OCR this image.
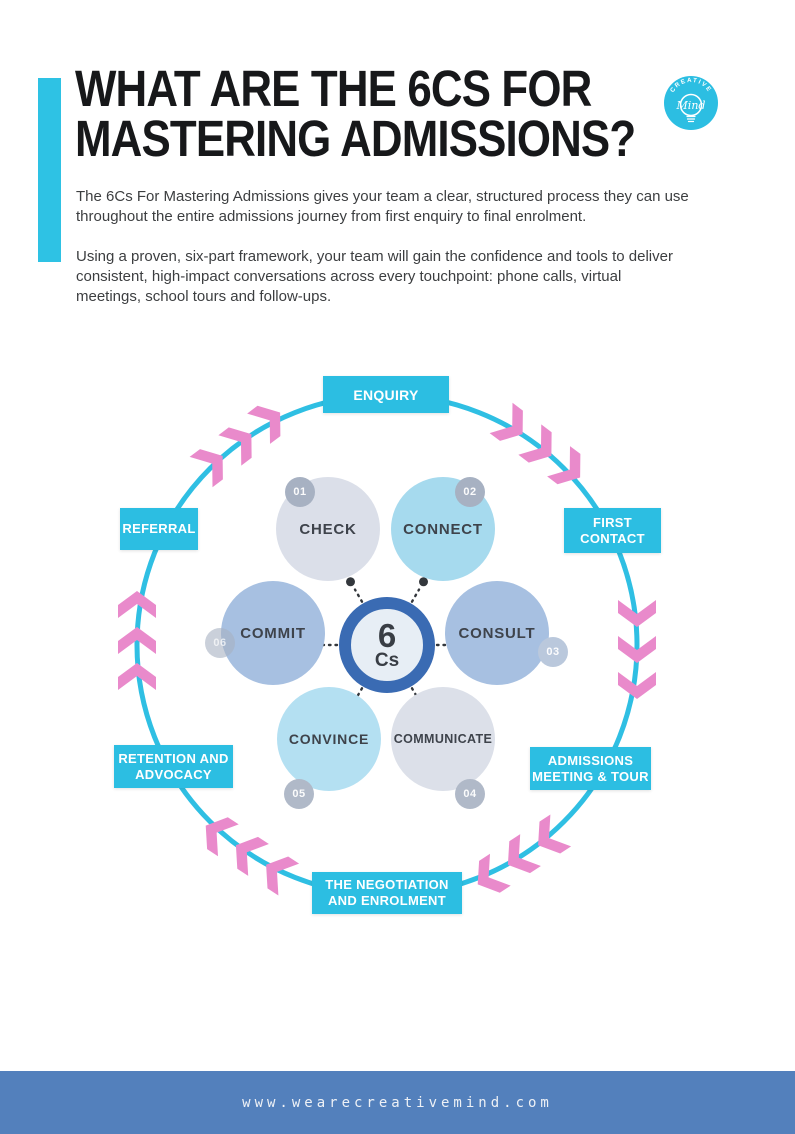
WHAT ARE THE 6CS FOR
MASTERING ADMISSIONS?
CREATIVE
Mind
The 6Cs For Mastering Admissions gives your team a clear, structured process they can use throughout the entire admissions journey from first enquiry to final enrolment.
Using a proven, six-part framework, your team will gain the confidence and tools to deliver consistent, high-impact conversations across every touchpoint: phone calls, virtual meetings, school tours and follow-ups.
CHECK	CONNECT
CONSULT
COMMUNICATE
CONVINCE
COMMIT
01	02
03
04
05
06	6
Cs
ENQUIRY
FIRST
CONTACT
ADMISSIONS
MEETING & TOUR
THE NEGOTIATION
AND ENROLMENT
RETENTION AND
ADVOCACY
REFERRAL
www.wearecreativemind.com
